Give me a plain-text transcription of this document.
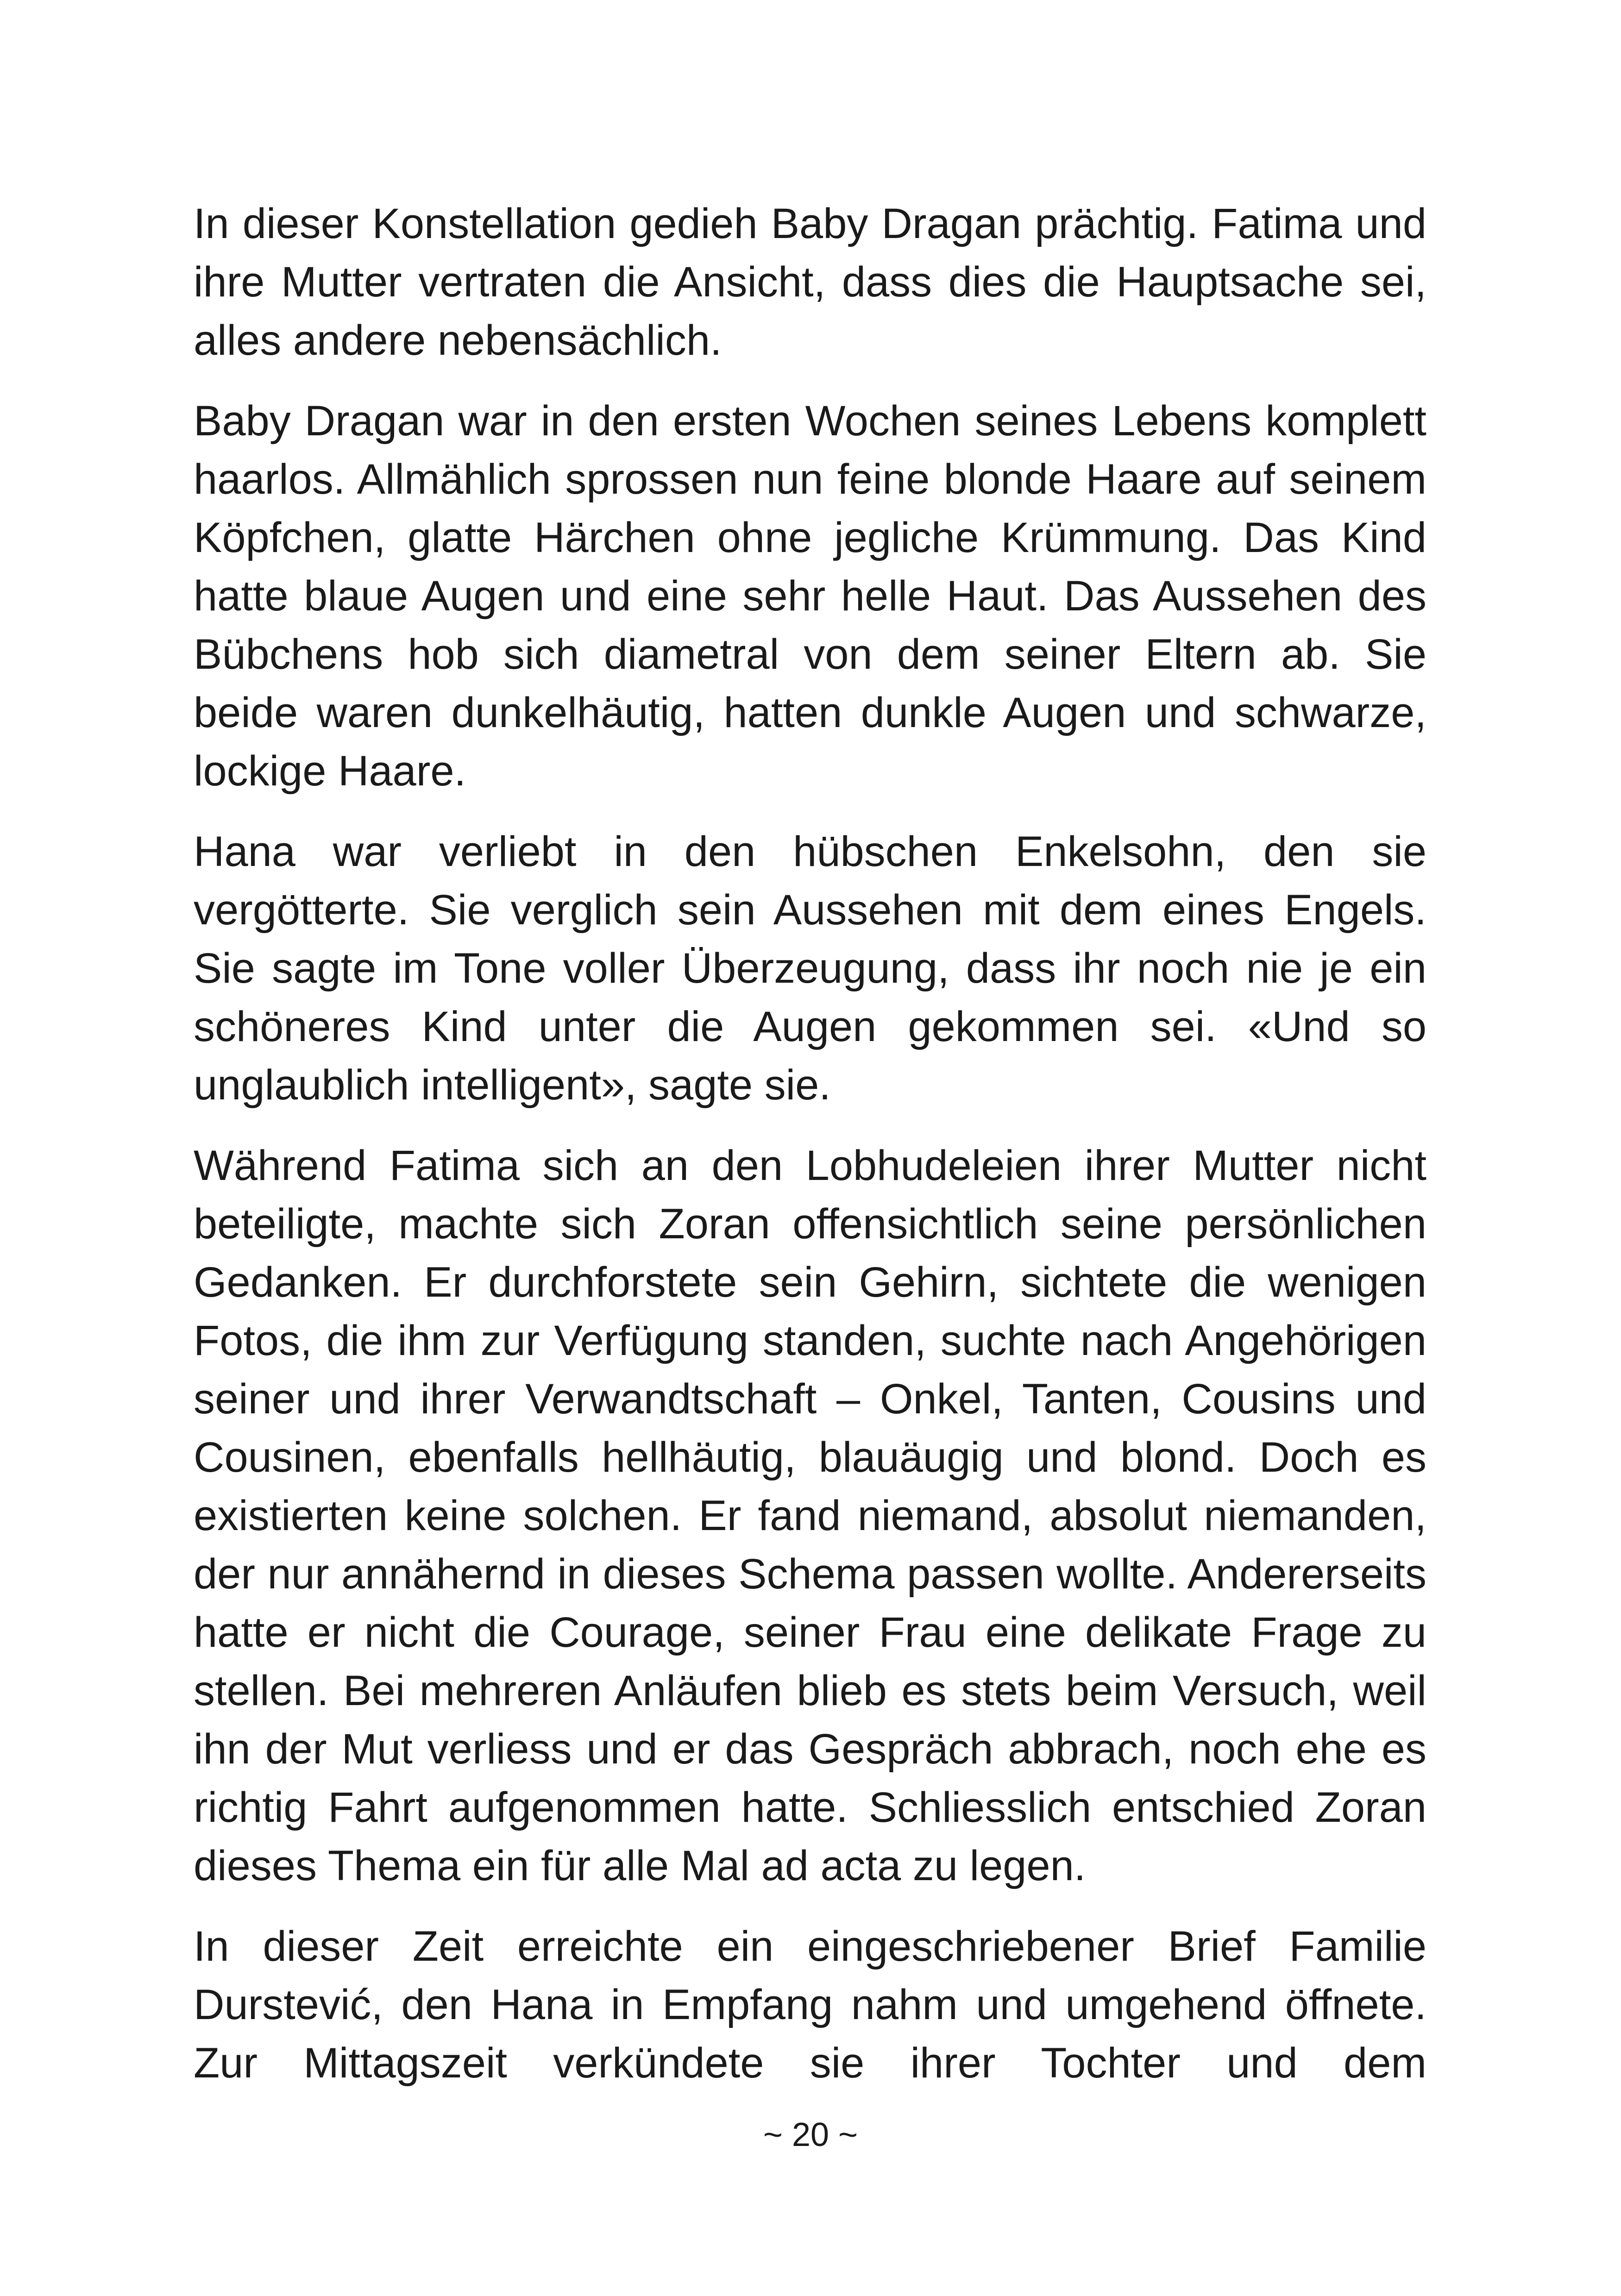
In dieser Konstellation gedieh Baby Dragan prächtig. Fatima und ihre Mutter vertraten die Ansicht, dass dies die Hauptsache sei, alles andere nebensächlich.

Baby Dragan war in den ersten Wochen seines Lebens komplett haarlos. Allmählich sprossen nun feine blonde Haare auf seinem Köpfchen, glatte Härchen ohne jegliche Krümmung. Das Kind hatte blaue Augen und eine sehr helle Haut. Das Aussehen des Bübchens hob sich diametral von dem seiner Eltern ab. Sie beide waren dunkelhäutig, hatten dunkle Augen und schwarze, lockige Haare.

Hana war verliebt in den hübschen Enkelsohn, den sie vergötterte. Sie verglich sein Aussehen mit dem eines Engels. Sie sagte im Tone voller Überzeugung, dass ihr noch nie je ein schöneres Kind unter die Augen gekommen sei. «Und so unglaublich intelligent», sagte sie.

Während Fatima sich an den Lobhudeleien ihrer Mutter nicht beteiligte, machte sich Zoran offensichtlich seine persönlichen Gedanken. Er durchforstete sein Gehirn, sichtete die wenigen Fotos, die ihm zur Verfügung standen, suchte nach Angehörigen seiner und ihrer Verwandtschaft – Onkel, Tanten, Cousins und Cousinen, ebenfalls hellhäutig, blauäugig und blond. Doch es existierten keine solchen. Er fand niemand, absolut niemanden, der nur annähernd in dieses Schema passen wollte. Andererseits hatte er nicht die Courage, seiner Frau eine delikate Frage zu stellen. Bei mehreren Anläufen blieb es stets beim Versuch, weil ihn der Mut verliess und er das Gespräch abbrach, noch ehe es richtig Fahrt aufgenommen hatte. Schliesslich entschied Zoran dieses Thema ein für alle Mal ad acta zu legen.

In dieser Zeit erreichte ein eingeschriebener Brief Familie Durstević, den Hana in Empfang nahm und umgehend öffnete. Zur Mittagszeit verkündete sie ihrer Tochter und dem

~ 20 ~
